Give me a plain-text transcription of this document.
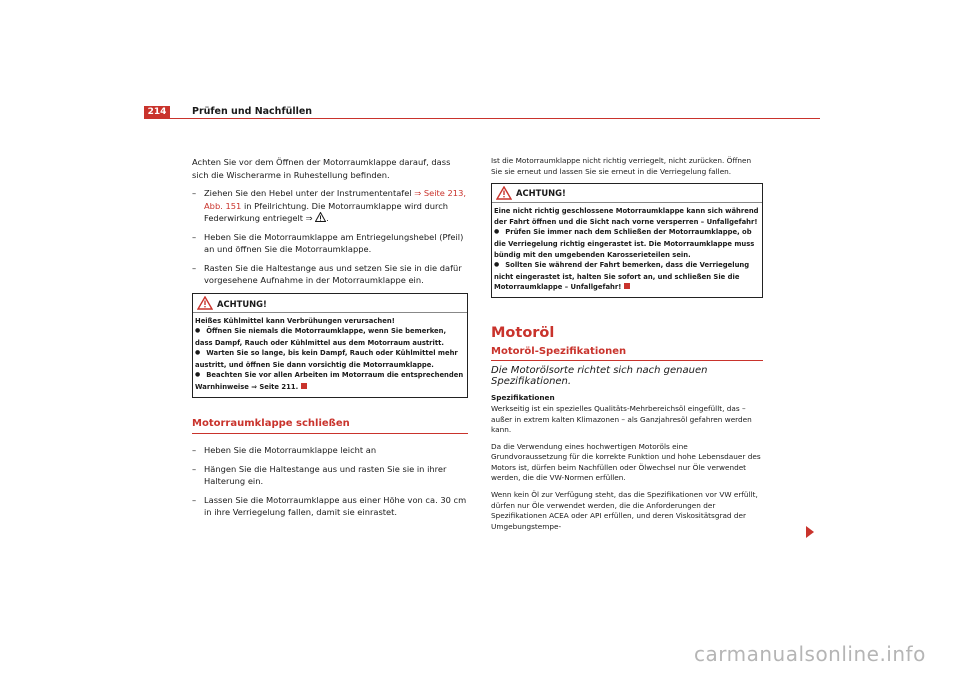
214	Prüfen und Nachfüllen

Achten Sie vor dem Öffnen der Motorraumklappe darauf, dass sich die Wischerarme in Ruhestellung befinden.

– Ziehen Sie den Hebel unter der Instrumententafel ⇒ Seite 213, Abb. 151 in Pfeilrichtung. Die Motorraumklappe wird durch Federwirkung entriegelt ⇒ .
– Heben Sie die Motorraumklappe am Entriegelungshebel (Pfeil) an und öffnen Sie die Motorraumklappe.
– Rasten Sie die Haltestange aus und setzen Sie sie in die dafür vorgesehene Aufnahme in der Motorraumklappe ein.
ACHTUNG!
Heißes Kühlmittel kann Verbrühungen verursachen!
● Öffnen Sie niemals die Motorraumklappe, wenn Sie bemerken, dass Dampf, Rauch oder Kühlmittel aus dem Motorraum austritt.
● Warten Sie so lange, bis kein Dampf, Rauch oder Kühlmittel mehr austritt, und öffnen Sie dann vorsichtig die Motorraumklappe.
● Beachten Sie vor allen Arbeiten im Motorraum die entsprechenden Warnhinweise ⇒ Seite 211.
Motorraumklappe schließen
– Heben Sie die Motorraumklappe leicht an
– Hängen Sie die Haltestange aus und rasten Sie sie in ihrer Halterung ein.
– Lassen Sie die Motorraumklappe aus einer Höhe von ca. 30 cm in ihre Verriegelung fallen, damit sie einrastet.

Ist die Motorraumklappe nicht richtig verriegelt, nicht zurücken. Öffnen Sie sie erneut und lassen Sie sie erneut in die Verriegelung fallen.

ACHTUNG!
Eine nicht richtig geschlossene Motorraumklappe kann sich während der Fahrt öffnen und die Sicht nach vorne versperren – Unfallgefahr!
● Prüfen Sie immer nach dem Schließen der Motorraumklappe, ob die Verriegelung richtig eingerastet ist. Die Motorraumklappe muss bündig mit den umgebenden Karosserieteilen sein.
● Sollten Sie während der Fahrt bemerken, dass die Verriegelung nicht eingerastet ist, halten Sie sofort an, und schließen Sie die Motorraumklappe – Unfallgefahr!
Motoröl
Motoröl-Spezifikationen
Die Motorölsorte richtet sich nach genauen Spezifikationen.
Spezifikationen

Werkseitig ist ein spezielles Qualitäts-Mehrbereichsöl eingefüllt, das – außer in extrem kalten Klimazonen – als Ganzjahresöl gefahren werden kann.

Da die Verwendung eines hochwertigen Motoröls eine Grundvoraussetzung für die korrekte Funktion und hohe Lebensdauer des Motors ist, dürfen beim Nachfüllen oder Ölwechsel nur Öle verwendet werden, die die VW-Normen erfüllen.

Wenn kein Öl zur Verfügung steht, das die Spezifikationen vor VW erfüllt, dürfen nur Öle verwendet werden, die die Anforderungen der Spezifikationen ACEA oder API erfüllen, und deren Viskositätsgrad der Umgebungstempe-

carmanualsonline.info
